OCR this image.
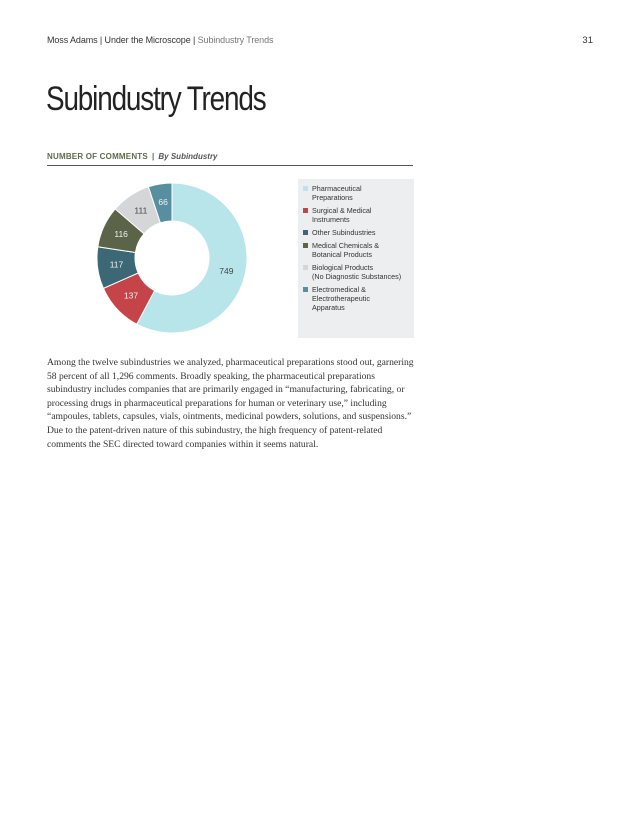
Moss Adams | Under the Microscope | Subindustry Trends	31
Subindustry Trends
NUMBER OF COMMENTS | By Subindustry
749
137
117
116
111
66
Pharmaceutical
Preparations
Surgical & Medical
Instruments
Other Subindustries
Medical Chemicals &
Botanical Products
Biological Products
(No Diagnostic Substances)
Electromedical &
Electrotherapeutic
Apparatus

Among the twelve subindustries we analyzed, pharmaceutical preparations stood out, garnering 58 percent of all 1,296 comments. Broadly speaking, the pharmaceutical preparations subindustry includes companies that are primarily engaged in “manufacturing, fabricating, or processing drugs in pharmaceutical preparations for human or veterinary use,” including “ampoules, tablets, capsules, vials, ointments, medicinal powders, solutions, and suspensions.” Due to the patent-driven nature of this subindustry, the high frequency of patent-related comments the SEC directed toward companies within it seems natural.
